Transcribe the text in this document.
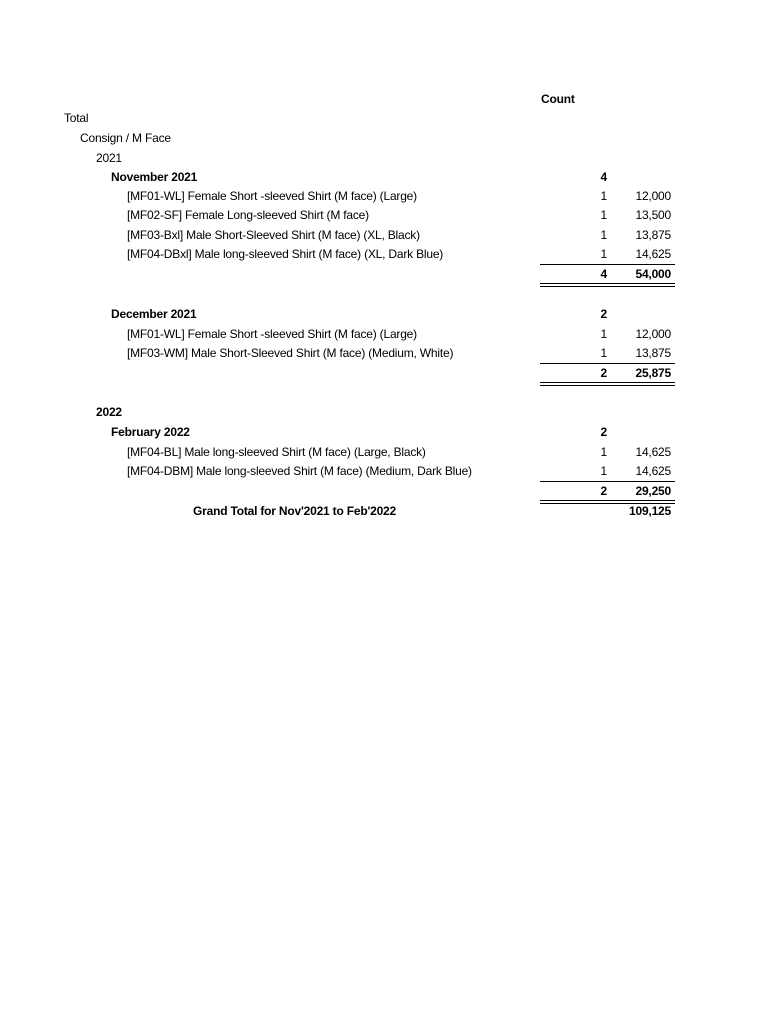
Count
Total
Consign / M Face
2021
November 2021	4
[MF01-WL] Female Short -sleeved Shirt (M face) (Large)	1	12,000
[MF02-SF] Female Long-sleeved Shirt (M face)	1	13,500
[MF03-Bxl] Male Short-Sleeved Shirt (M face) (XL, Black)	1	13,875
[MF04-DBxl] Male long-sleeved Shirt (M face) (XL, Dark Blue)	1	14,625
4	54,000
December 2021	2
[MF01-WL] Female Short -sleeved Shirt (M face) (Large)	1	12,000
[MF03-WM] Male Short-Sleeved Shirt (M face) (Medium, White)	1	13,875
2	25,875
2022
February 2022	2
[MF04-BL] Male long-sleeved Shirt (M face) (Large, Black)	1	14,625
[MF04-DBM] Male long-sleeved Shirt (M face) (Medium, Dark Blue)	1	14,625
2	29,250
Grand Total for Nov'2021 to Feb'2022	109,125
